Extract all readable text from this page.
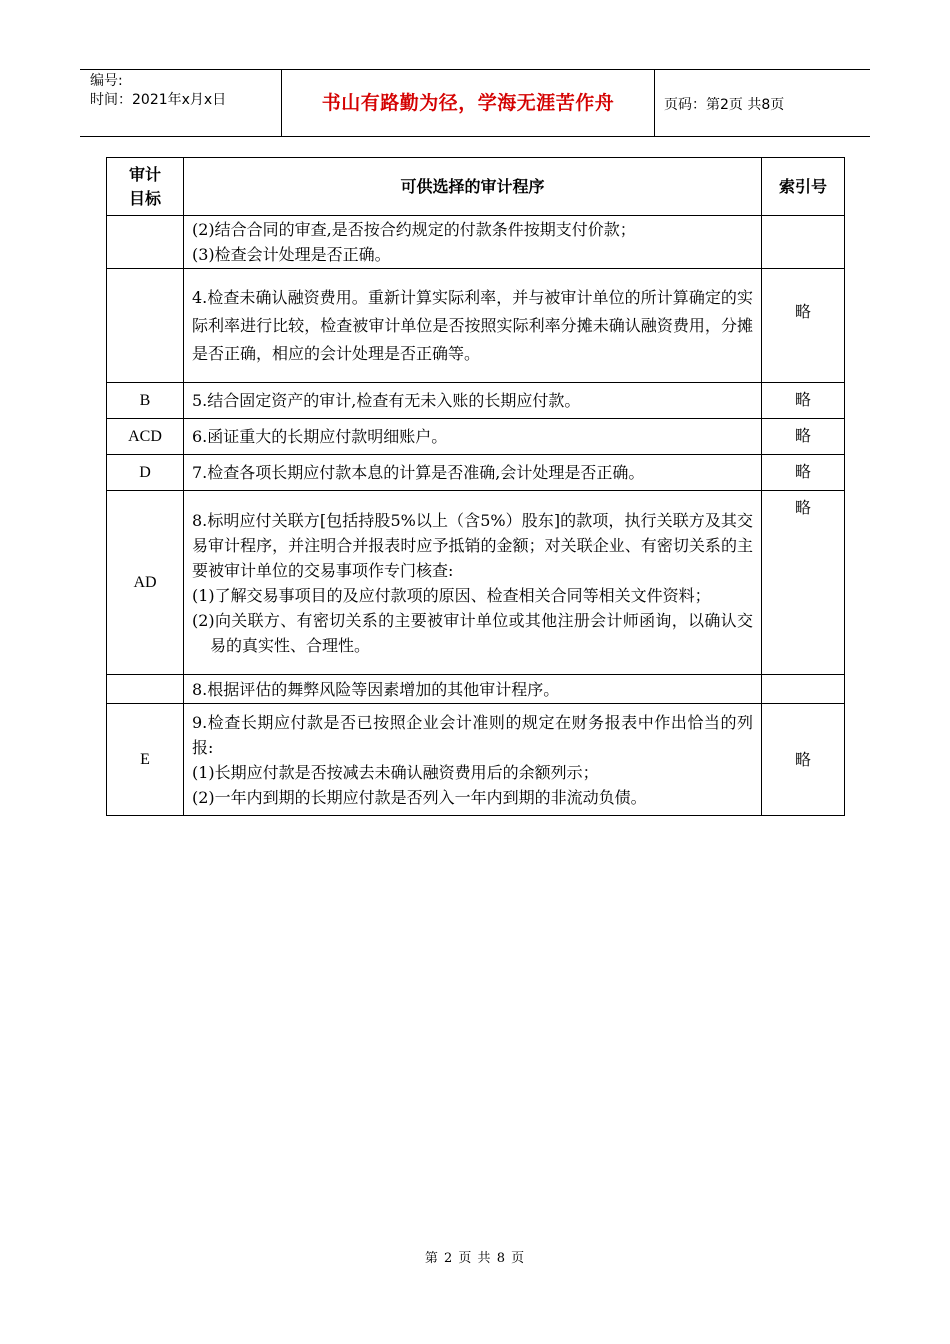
编号:
时间：2021年x月x日	书山有路勤为径，学海无涯苦作舟	页码：第2页 共8页
审计目标	可供选择的审计程序	索引号

	(2)结合合同的审查,是否按合约规定的付款条件按期支付价款；
(3)检查会计处理是否正确。	

	4.检查未确认融资费用。重新计算实际利率，并与被审计单位的所计算确定的实际利率进行比较，检查被审计单位是否按照实际利率分摊未确认融资费用，分摊是否正确，相应的会计处理是否正确等。	略
B	5.结合固定资产的审计,检查有无未入账的长期应付款。	略
ACD	6.函证重大的长期应付款明细账户。	略
D	7.检查各项长期应付款本息的计算是否准确,会计处理是否正确。	略
AD	8.标明应付关联方[包括持股5%以上（含5%）股东]的款项，执行关联方及其交易审计程序，并注明合并报表时应予抵销的金额；对关联企业、有密切关系的主要被审计单位的交易事项作专门核查:
(1)了解交易事项目的及应付款项的原因、检查相关合同等相关文件资料；
(2)向关联方、有密切关系的主要被审计单位或其他注册会计师函询，以确认交易的真实性、合理性。	略
	8.根据评估的舞弊风险等因素增加的其他审计程序。	
E	9.检查长期应付款是否已按照企业会计准则的规定在财务报表中作出恰当的列报:
(1)长期应付款是否按减去未确认融资费用后的余额列示；
(2)一年内到期的长期应付款是否列入一年内到期的非流动负债。	略
第 2 页 共 8 页
